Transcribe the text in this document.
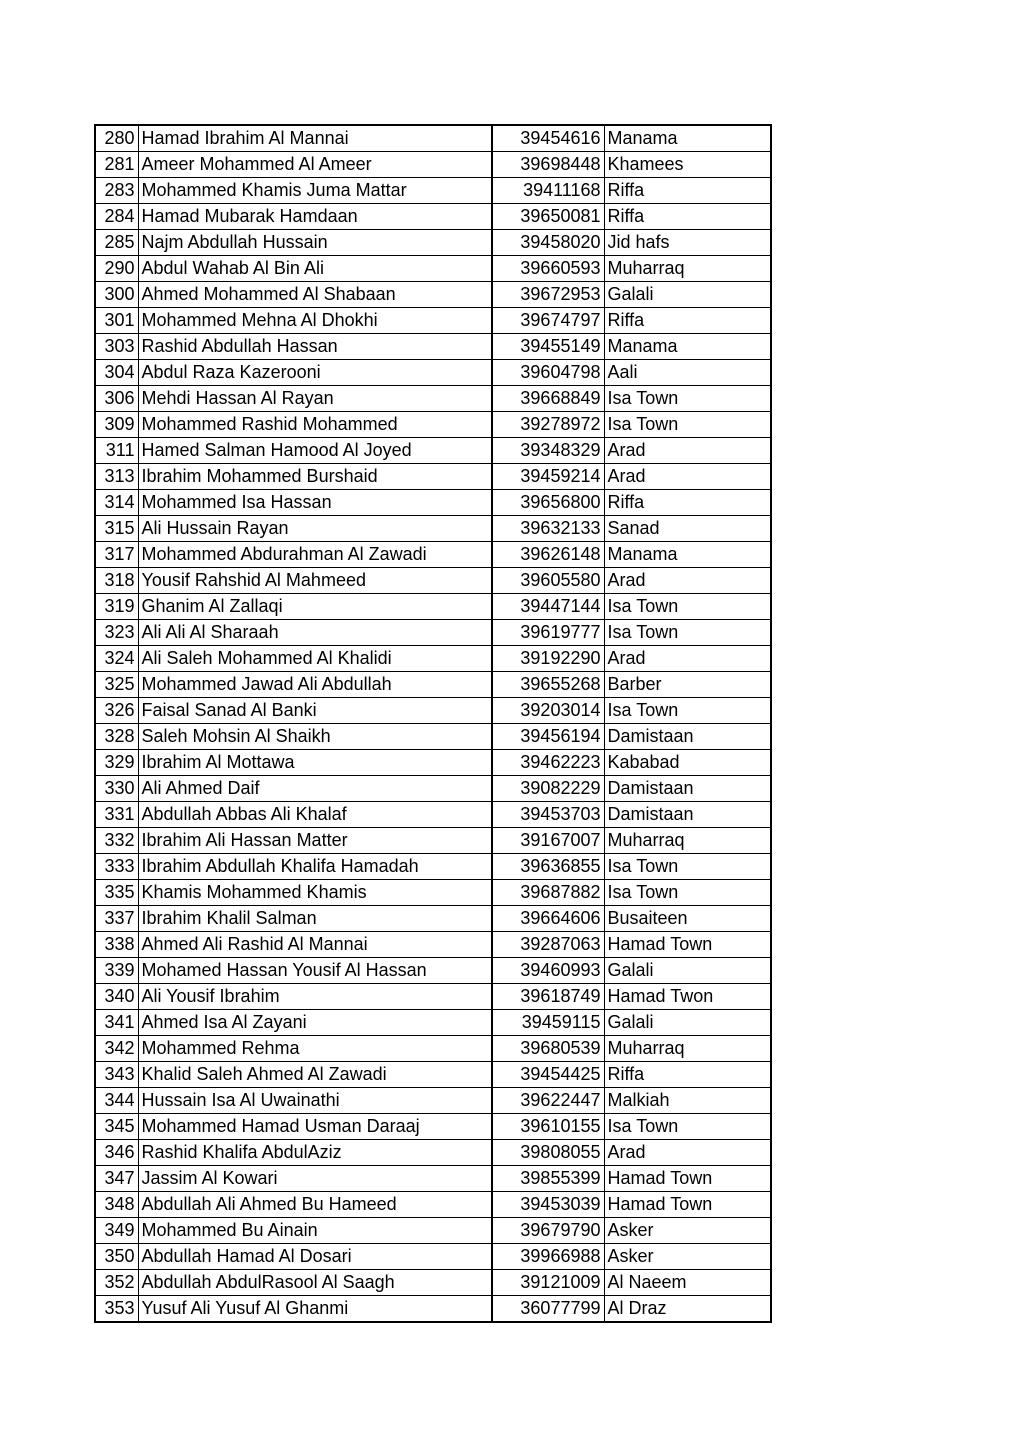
280	Hamad Ibrahim Al Mannai	39454616	Manama
281	Ameer Mohammed Al Ameer	39698448	Khamees
283	Mohammed Khamis Juma Mattar	39411168	Riffa
284	Hamad Mubarak Hamdaan	39650081	Riffa
285	Najm Abdullah Hussain	39458020	Jid hafs
290	Abdul Wahab Al Bin Ali	39660593	Muharraq
300	Ahmed Mohammed Al Shabaan	39672953	Galali
301	Mohammed Mehna Al Dhokhi	39674797	Riffa
303	Rashid Abdullah Hassan	39455149	Manama
304	Abdul Raza Kazerooni	39604798	Aali
306	Mehdi Hassan Al Rayan	39668849	Isa Town
309	Mohammed Rashid Mohammed	39278972	Isa Town
311	Hamed Salman Hamood Al Joyed	39348329	Arad
313	Ibrahim Mohammed Burshaid	39459214	Arad
314	Mohammed Isa Hassan	39656800	Riffa
315	Ali Hussain Rayan	39632133	Sanad
317	Mohammed Abdurahman Al Zawadi	39626148	Manama
318	Yousif Rahshid Al Mahmeed	39605580	Arad
319	Ghanim Al Zallaqi	39447144	Isa Town
323	Ali Ali Al Sharaah	39619777	Isa Town
324	Ali Saleh Mohammed Al Khalidi	39192290	Arad
325	Mohammed Jawad Ali Abdullah	39655268	Barber
326	Faisal Sanad Al Banki	39203014	Isa Town
328	Saleh Mohsin Al Shaikh	39456194	Damistaan
329	Ibrahim Al Mottawa	39462223	Kababad
330	Ali Ahmed Daif	39082229	Damistaan
331	Abdullah Abbas Ali Khalaf	39453703	Damistaan
332	Ibrahim Ali Hassan Matter	39167007	Muharraq
333	Ibrahim Abdullah Khalifa Hamadah	39636855	Isa Town
335	Khamis Mohammed Khamis	39687882	Isa Town
337	Ibrahim Khalil Salman	39664606	Busaiteen
338	Ahmed Ali Rashid Al Mannai	39287063	Hamad Town
339	Mohamed Hassan Yousif Al Hassan	39460993	Galali
340	Ali Yousif Ibrahim	39618749	Hamad Twon
341	Ahmed Isa Al Zayani	39459115	Galali
342	Mohammed Rehma	39680539	Muharraq
343	Khalid Saleh Ahmed Al Zawadi	39454425	Riffa
344	Hussain Isa Al Uwainathi	39622447	Malkiah
345	Mohammed Hamad Usman Daraaj	39610155	Isa Town
346	Rashid Khalifa AbdulAziz	39808055	Arad
347	Jassim Al Kowari	39855399	Hamad Town
348	Abdullah Ali Ahmed Bu Hameed	39453039	Hamad Town
349	Mohammed Bu Ainain	39679790	Asker
350	Abdullah Hamad Al Dosari	39966988	Asker
352	Abdullah AbdulRasool Al Saagh	39121009	Al Naeem
353	Yusuf Ali Yusuf Al Ghanmi	36077799	Al Draz
